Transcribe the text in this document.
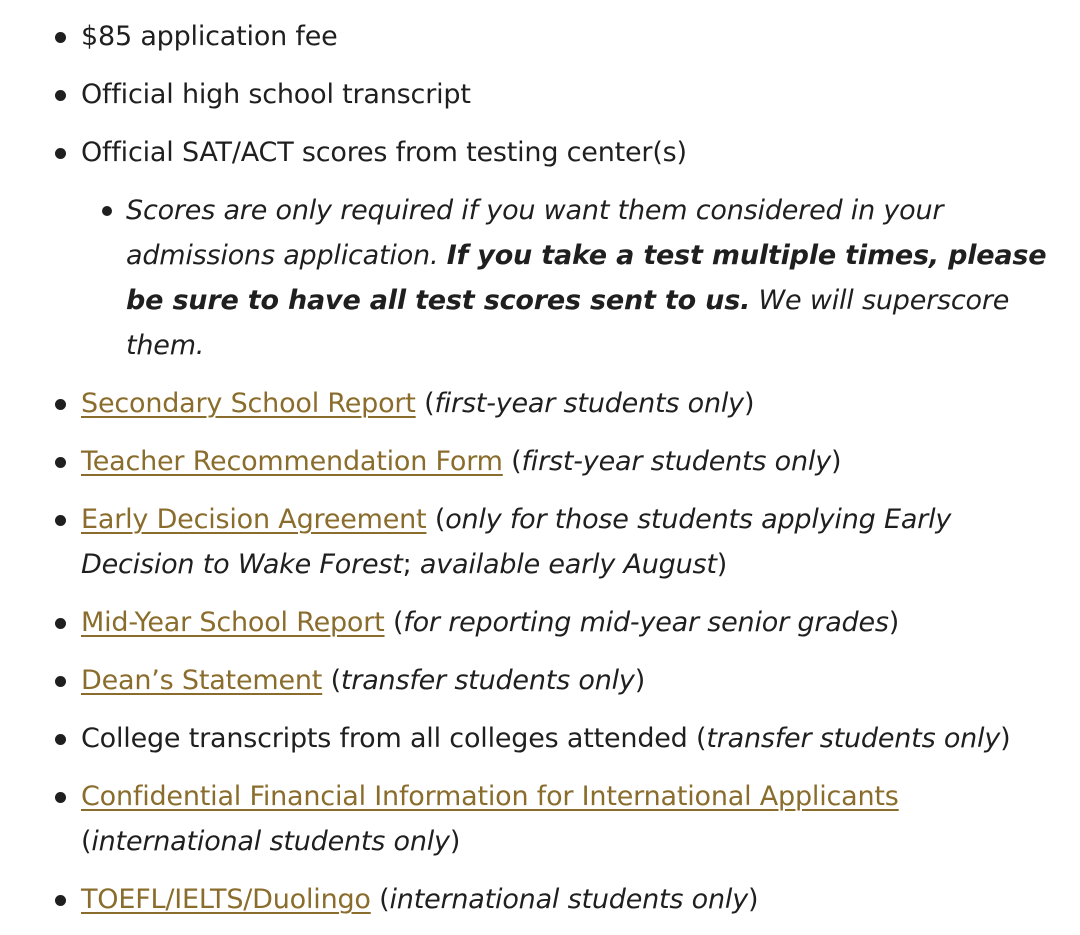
$85 application fee
Official high school transcript
Official SAT/ACT scores from testing center(s)
Scores are only required if you want them considered in your admissions application. If you take a test multiple times, please be sure to have all test scores sent to us. We will superscore them.
Secondary School Report (first-year students only)
Teacher Recommendation Form (first-year students only)
Early Decision Agreement (only for those students applying Early Decision to Wake Forest; available early August)
Mid-Year School Report (for reporting mid-year senior grades)
Dean’s Statement (transfer students only)
College transcripts from all colleges attended (transfer students only)
Confidential Financial Information for International Applicants (international students only)
TOEFL/IELTS/Duolingo (international students only)
